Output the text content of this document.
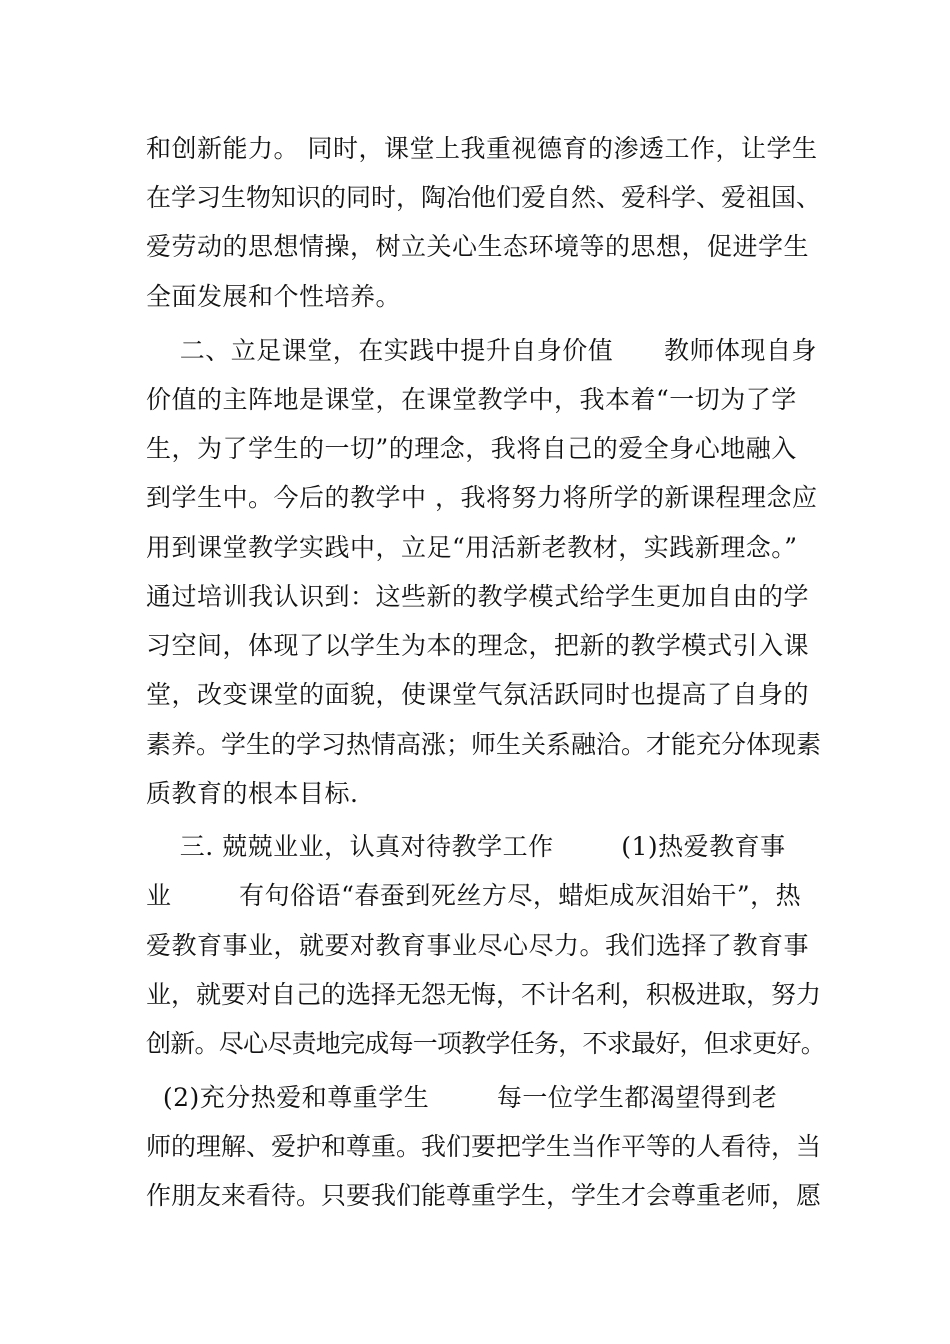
和创新能力。 同时，课堂上我重视德育的渗透工作，让学生
在学习生物知识的同时，陶冶他们爱自然、爱科学、爱祖国、
爱劳动的思想情操，树立关心生态环境等的思想，促进学生
全面发展和个性培养。
二、立足课堂，在实践中提升自身价值      教师体现自身
价值的主阵地是课堂，在课堂教学中，我本着“一切为了学
生，为了学生的一切”的理念，我将自己的爱全身心地融入
到学生中。今后的教学中 ，我将努力将所学的新课程理念应
用到课堂教学实践中，立足“用活新老教材，实践新理念。”
通过培训我认识到：这些新的教学模式给学生更加自由的学
习空间，体现了以学生为本的理念，把新的教学模式引入课
堂，改变课堂的面貌，使课堂气氛活跃同时也提高了自身的
素养。学生的学习热情高涨；师生关系融洽。才能充分体现素
质教育的根本目标.
三. 兢兢业业，认真对待教学工作        (1)热爱教育事
业        有句俗语“春蚕到死丝方尽，蜡炬成灰泪始干”，热
爱教育事业，就要对教育事业尽心尽力。我们选择了教育事
业，就要对自己的选择无怨无悔，不计名利，积极进取，努力
创新。尽心尽责地完成每一项教学任务，不求最好，但求更好。
(2)充分热爱和尊重学生        每一位学生都渴望得到老
师的理解、爱护和尊重。我们要把学生当作平等的人看待，当
作朋友来看待。只要我们能尊重学生，学生才会尊重老师，愿
